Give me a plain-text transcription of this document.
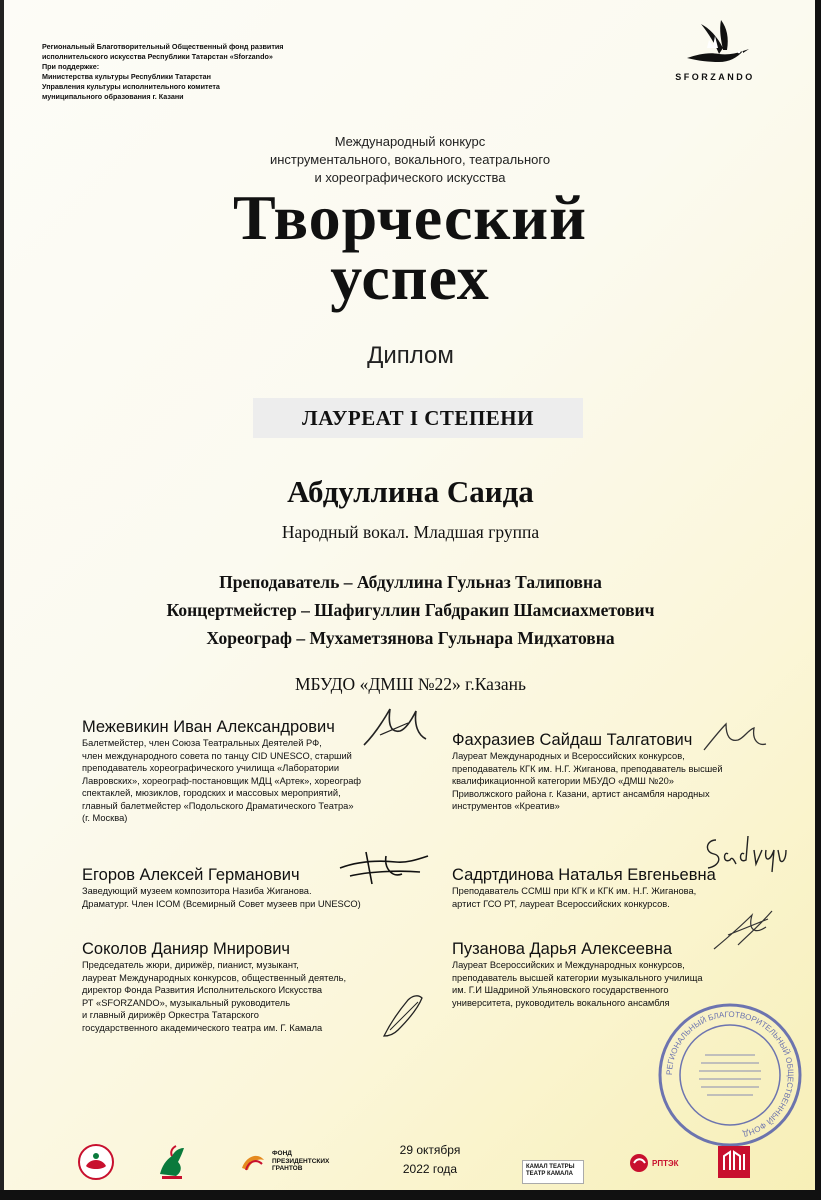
Региональный Благотворительный Общественный фонд развития
исполнительского искусства Республики Татарстан «Sforzando»
При поддержке:
Министерства культуры Республики Татарстан
Управления культуры исполнительного комитета
муниципального образования г. Казани
SFORZANDO
Международный конкурс
инструментального, вокального, театрального
и хореографического искусства
Творческий
успех
Диплом
ЛАУРЕАТ I СТЕПЕНИ
Абдуллина Саида
Народный вокал. Младшая группа
Преподаватель – Абдуллина Гульназ Талиповна
Концертмейстер – Шафигуллин Габдракип Шамсиахметович
Хореограф – Мухаметзянова Гульнара Мидхатовна
МБУДО «ДМШ №22» г.Казань
Межевикин Иван Александрович
Балетмейстер, член Союза Театральных Деятелей РФ,
член международного совета по танцу CID UNESCO, старший
преподаватель хореографического училища «Лаборатории
Лавровских», хореограф-постановщик МДЦ «Артек», хореограф
спектаклей, мюзиклов, городских и массовых мероприятий,
главный балетмейстер «Подольского Драматического Театра»
(г. Москва)
Фахразиев Сайдаш Талгатович
Лауреат Международных и Всероссийских конкурсов,
преподаватель КГК им. Н.Г. Жиганова, преподаватель высшей
квалификационной категории МБУДО «ДМШ №20»
Приволжского района г. Казани, артист ансамбля народных
инструментов «Креатив»
Егоров Алексей Германович
Заведующий музеем композитора Назиба Жиганова.
Драматург. Член ICOM (Всемирный Совет музеев при UNESCO)
Садртдинова Наталья Евгеньевна
Преподаватель ССМШ при КГК и КГК им. Н.Г. Жиганова,
артист ГСО РТ, лауреат Всероссийских конкурсов.
Соколов Данияр Мнирович
Председатель жюри, дирижёр, пианист, музыкант,
лауреат Международных конкурсов, общественный деятель,
директор Фонда Развития Исполнительского Искусства
РТ «SFORZANDO», музыкальный руководитель
и главный дирижёр Оркестра Татарского
государственного академического театра им. Г. Камала
Пузанова Дарья Алексеевна
Лауреат Всероссийских и Международных конкурсов,
преподаватель высшей категории музыкального училища
им. Г.И Шадриной Ульяновского государственного
университета, руководитель вокального ансамбля
РЕГИОНАЛЬНЫЙ БЛАГОТВОРИТЕЛЬНЫЙ ОБЩЕСТВЕННЫЙ ФОНД
29 октября
2022 года
ФОНД
ПРЕЗИДЕНТСКИХ
ГРАНТОВ	КАМАЛ ТЕАТРЫ
ТЕАТР КАМАЛА
РПТЭК
